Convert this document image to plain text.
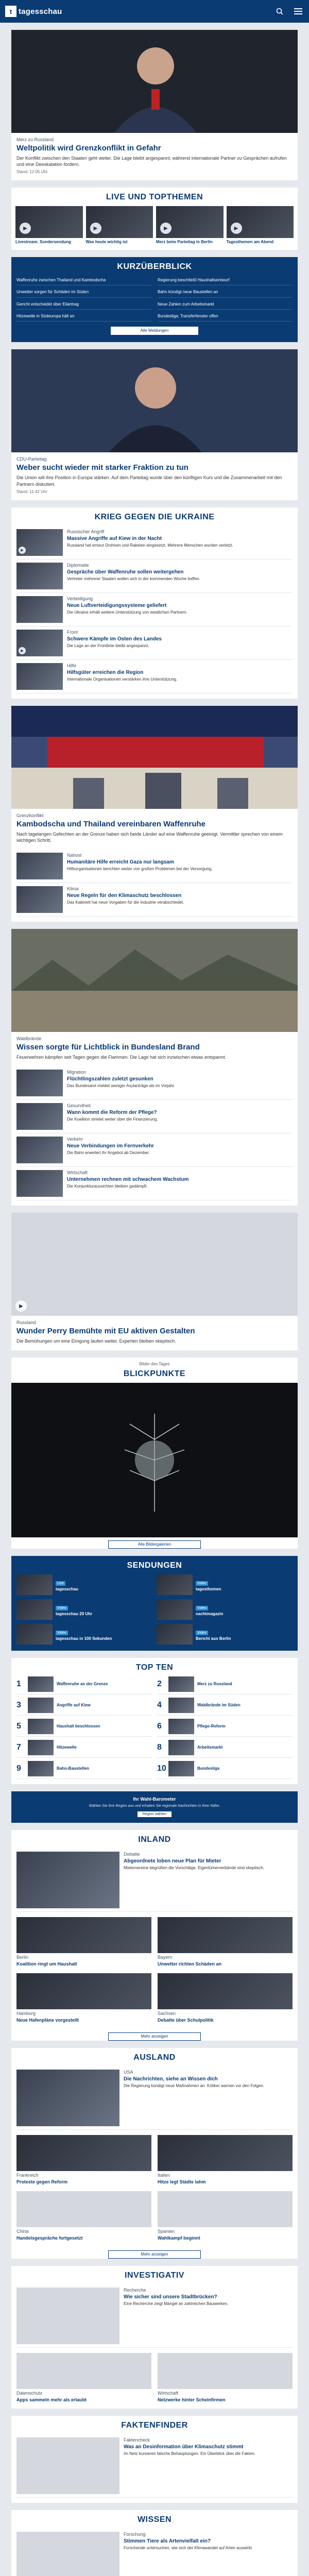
t tagesschau
Merz zu Russland
Weltpolitik wird Grenzkonflikt in Gefahr
Der Konflikt zwischen den Staaten geht weiter. Die Lage bleibt angespannt, während internationale Partner zu Gesprächen aufrufen und eine Deeskalation fordern.
Stand: 12:05 Uhr
LIVE UND TOPTHEMEN
▶
Livestream: Sondersendung
▶
Was heute wichtig ist
▶
Merz beim Parteitag in Berlin
▶
Tagesthemen am Abend
KURZÜBERBLICK
Waffenruhe zwischen Thailand und Kambodscha	Regierung beschließt Haushaltsentwurf
Unwetter sorgen für Schäden im Süden	Bahn kündigt neue Baustellen an
Gericht entscheidet über Eilantrag	Neue Zahlen zum Arbeitsmarkt
Hitzewelle in Südeuropa hält an	Bundesliga: Transferfenster offen
Alle Meldungen
CDU-Parteitag
Weber sucht wieder mit starker Fraktion zu tun
Die Union will ihre Position in Europa stärken. Auf dem Parteitag wurde über den künftigen Kurs und die Zusammenarbeit mit den Partnern diskutiert.
Stand: 11:42 Uhr
KRIEG GEGEN DIE UKRAINE
▶
Russischer Angriff
Massive Angriffe auf Kiew in der Nacht
Russland hat erneut Drohnen und Raketen eingesetzt. Mehrere Menschen wurden verletzt.
Diplomatie
Gespräche über Waffenruhe sollen weitergehen
Vertreter mehrerer Staaten wollen sich in der kommenden Woche treffen.
Verteidigung
Neue Luftverteidigungssysteme geliefert
Die Ukraine erhält weitere Unterstützung von westlichen Partnern.
▶
Front
Schwere Kämpfe im Osten des Landes
Die Lage an der Frontlinie bleibt angespannt.
Hilfe
Hilfsgüter erreichen die Region
Internationale Organisationen verstärken ihre Unterstützung.
Grenzkonflikt
Kambodscha und Thailand vereinbaren Waffenruhe
Nach tagelangen Gefechten an der Grenze haben sich beide Länder auf eine Waffenruhe geeinigt. Vermittler sprechen von einem wichtigen Schritt.
Nahost
Humanitäre Hilfe erreicht Gaza nur langsam
Hilfsorganisationen berichten weiter von großen Problemen bei der Versorgung.
Klima
Neue Regeln für den Klimaschutz beschlossen
Das Kabinett hat neue Vorgaben für die Industrie verabschiedet.
Waldbrände
Wissen sorgte für Lichtblick in Bundesland Brand
Feuerwehren kämpfen seit Tagen gegen die Flammen. Die Lage hat sich inzwischen etwas entspannt.
Migration
Flüchtlingszahlen zuletzt gesunken
Das Bundesamt meldet weniger Asylanträge als im Vorjahr.
Gesundheit
Wann kommt die Reform der Pflege?
Die Koalition streitet weiter über die Finanzierung.
Verkehr
Neue Verbindungen im Fernverkehr
Die Bahn erweitert ihr Angebot ab Dezember.
Wirtschaft
Unternehmen rechnen mit schwachem Wachstum
Die Konjunkturaussichten bleiben gedämpft.
▶
Russland
Wunder Perry Bemühte mit EU aktiven Gestalten
Die Bemühungen um eine Einigung laufen weiter. Experten bleiben skeptisch.
Bilder des Tages
BLICKPUNKTE
Alle Bildergalerien
SENDUNGEN
Live
tagesschau
Video
tagesthemen
Video
tagesschau 20 Uhr
Video
nachtmagazin
Video
tagesschau in 100 Sekunden
Video
Bericht aus Berlin
TOP TEN
1	Waffenruhe an der Grenze	2	Merz zu Russland
3	Angriffe auf Kiew	4	Waldbrände im Süden
5	Haushalt beschlossen	6	Pflege-Reform
7	Hitzewelle	8	Arbeitsmarkt
9	Bahn-Baustellen	10	Bundesliga
Ihr Wahl-Barometer
Wählen Sie Ihre Region aus und erhalten Sie regionale Nachrichten in Ihrer Nähe.
Region wählen
INLAND
Debatte
Abgeordnete loben neue Plan für Mieter
Mietervereine begrüßen die Vorschläge, Eigentümerverbände sind skeptisch.
Berlin
Koalition ringt um Haushalt
Bayern
Unwetter richten Schäden an
Hamburg
Neue Hafenpläne vorgestellt
Sachsen
Debatte über Schulpolitik
Mehr anzeigen
AUSLAND
USA
Die Nachrichten, siehe an Wissen dich
Die Regierung kündigt neue Maßnahmen an. Kritiker warnen vor den Folgen.
Frankreich
Proteste gegen Reform
Italien
Hitze legt Städte lahm
China
Handelsgespräche fortgesetzt
Spanien
Wahlkampf beginnt
Mehr anzeigen
INVESTIGATIV
Recherche
Wie sicher sind unsere Stadtbrücken?
Eine Recherche zeigt Mängel an zahlreichen Bauwerken.
Datenschutz
Apps sammeln mehr als erlaubt
Wirtschaft
Netzwerke hinter Scheinfirmen
FAKTENFINDER
Faktencheck
Was an Desinformation über Klimaschutz stimmt
Im Netz kursieren falsche Behauptungen. Ein Überblick über die Fakten.
WISSEN
Forschung
Stimmen Tiere als Artenvielfalt ein?
Forschende untersuchen, wie sich der Klimawandel auf Arten auswirkt.
